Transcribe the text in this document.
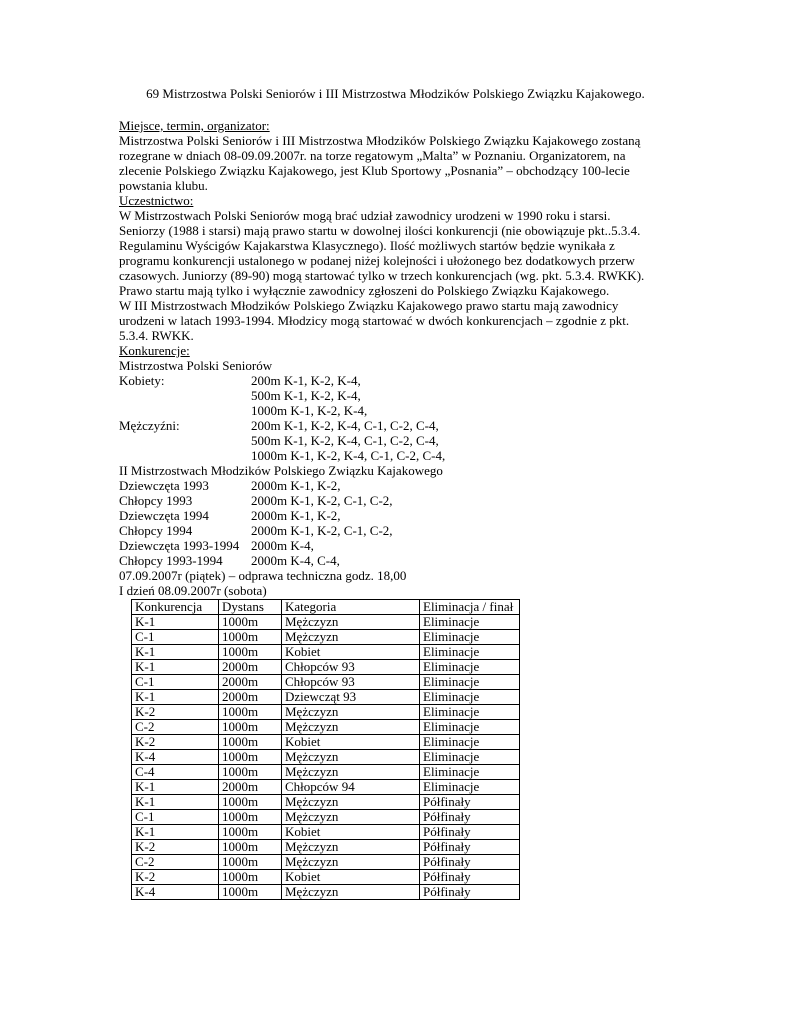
69 Mistrzostwa Polski Seniorów i III Mistrzostwa Młodzików Polskiego Związku Kajakowego.
Miejsce, termin, organizator:
Mistrzostwa Polski Seniorów i III Mistrzostwa Młodzików Polskiego Związku Kajakowego zostaną
rozegrane w dniach 08-09.09.2007r. na torze regatowym „Malta” w Poznaniu. Organizatorem, na
zlecenie Polskiego Związku Kajakowego, jest Klub Sportowy „Posnania” – obchodzący 100-lecie
powstania klubu.
Uczestnictwo:
W Mistrzostwach Polski Seniorów mogą brać udział zawodnicy urodzeni w 1990 roku i starsi.
Seniorzy (1988 i starsi) mają prawo startu w dowolnej ilości konkurencji (nie obowiązuje pkt..5.3.4.
Regulaminu Wyścigów Kajakarstwa Klasycznego). Ilość możliwych startów będzie wynikała z
programu konkurencji ustalonego w podanej niżej kolejności i ułożonego bez dodatkowych przerw
czasowych. Juniorzy (89-90) mogą startować tylko w trzech konkurencjach (wg. pkt. 5.3.4. RWKK).
Prawo startu mają tylko i wyłącznie zawodnicy zgłoszeni do Polskiego Związku Kajakowego.
W III Mistrzostwach Młodzików Polskiego Związku Kajakowego prawo startu mają zawodnicy
urodzeni w latach 1993-1994. Młodzicy mogą startować w dwóch konkurencjach – zgodnie z pkt.
5.3.4. RWKK.
Konkurencje:
Mistrzostwa Polski Seniorów
Kobiety:	200m K-1, K-2, K-4,
500m K-1, K-2, K-4,
1000m K-1, K-2, K-4,
Mężczyźni:	200m K-1, K-2, K-4, C-1, C-2, C-4,
500m K-1, K-2, K-4, C-1, C-2, C-4,
1000m K-1, K-2, K-4, C-1, C-2, C-4,
II Mistrzostwach Młodzików Polskiego Związku Kajakowego
Dziewczęta 1993	2000m K-1, K-2,
Chłopcy 1993	2000m K-1, K-2, C-1, C-2,
Dziewczęta 1994	2000m K-1, K-2,
Chłopcy 1994	2000m K-1, K-2, C-1, C-2,
Dziewczęta 1993-1994 2000m K-4,
Chłopcy 1993-1994	2000m K-4, C-4,
07.09.2007r (piątek) – odprawa techniczna godz. 18,00
I dzień 08.09.2007r (sobota)
Konkurencja	Dystans	Kategoria	Eliminacja / finał
K-1	1000m	Mężczyzn	Eliminacje
C-1	1000m	Mężczyzn	Eliminacje
K-1	1000m	Kobiet	Eliminacje
K-1	2000m	Chłopców 93	Eliminacje
C-1	2000m	Chłopców 93	Eliminacje
K-1	2000m	Dziewcząt 93	Eliminacje
K-2	1000m	Mężczyzn	Eliminacje
C-2	1000m	Mężczyzn	Eliminacje
K-2	1000m	Kobiet	Eliminacje
K-4	1000m	Mężczyzn	Eliminacje
C-4	1000m	Mężczyzn	Eliminacje
K-1	2000m	Chłopców 94	Eliminacje
K-1	1000m	Mężczyzn	Półfinały
C-1	1000m	Mężczyzn	Półfinały
K-1	1000m	Kobiet	Półfinały
K-2	1000m	Mężczyzn	Półfinały
C-2	1000m	Mężczyzn	Półfinały
K-2	1000m	Kobiet	Półfinały
K-4	1000m	Mężczyzn	Półfinały
